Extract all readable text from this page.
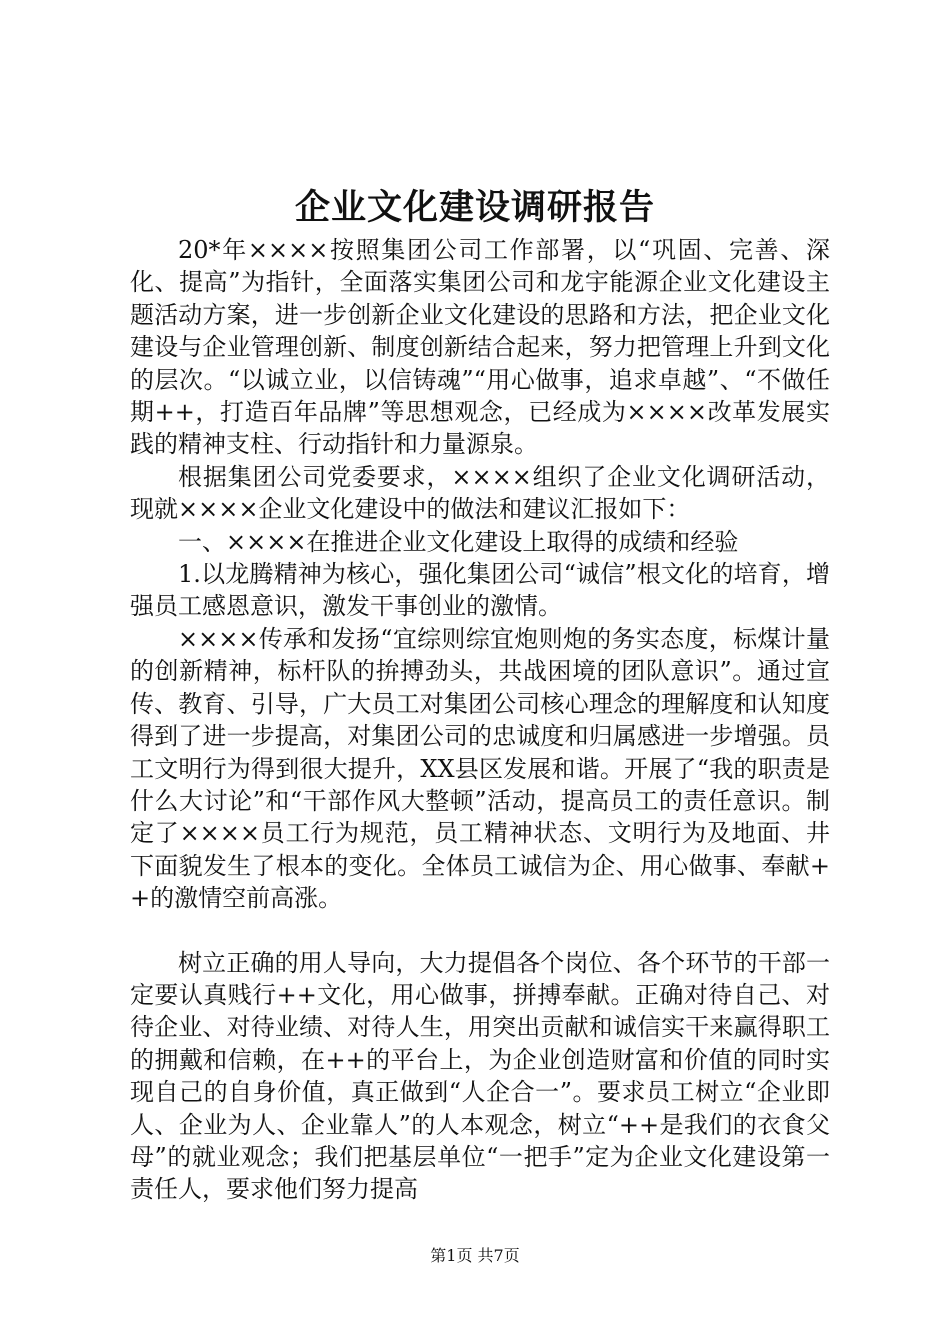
企业文化建设调研报告

20*年××××按照集团公司工作部署，以“巩固、完善、深化、提高”为指针，全面落实集团公司和龙宇能源企业文化建设主题活动方案，进一步创新企业文化建设的思路和方法，把企业文化建设与企业管理创新、制度创新结合起来，努力把管理上升到文化的层次。“以诚立业，以信铸魂”“用心做事，追求卓越”、“不做任期++，打造百年品牌”等思想观念，已经成为××××改革发展实践的精神支柱、行动指针和力量源泉。

根据集团公司党委要求，××××组织了企业文化调研活动，现就××××企业文化建设中的做法和建议汇报如下：

一、××××在推进企业文化建设上取得的成绩和经验

1.以龙腾精神为核心，强化集团公司“诚信”根文化的培育，增强员工感恩意识，激发干事创业的激情。

××××传承和发扬“宜综则综宜炮则炮的务实态度，标煤计量的创新精神，标杆队的拚搏劲头，共战困境的团队意识”。通过宣传、教育、引导，广大员工对集团公司核心理念的理解度和认知度得到了进一步提高，对集团公司的忠诚度和归属感进一步增强。员工文明行为得到很大提升，XX县区发展和谐。开展了“我的职责是什么大讨论”和“干部作风大整顿”活动，提高员工的责任意识。制定了××××员工行为规范，员工精神状态、文明行为及地面、井下面貌发生了根本的变化。全体员工诚信为企、用心做事、奉献++的激情空前高涨。

树立正确的用人导向，大力提倡各个岗位、各个环节的干部一定要认真贱行++文化，用心做事，拼搏奉献。正确对待自己、对待企业、对待业绩、对待人生，用突出贡献和诚信实干来赢得职工的拥戴和信赖，在++的平台上，为企业创造财富和价值的同时实现自己的自身价值，真正做到“人企合一”。要求员工树立“企业即人、企业为人、企业靠人”的人本观念，树立“++是我们的衣食父母”的就业观念；我们把基层单位“一把手”定为企业文化建设第一责任人，要求他们努力提高

第1页 共7页
